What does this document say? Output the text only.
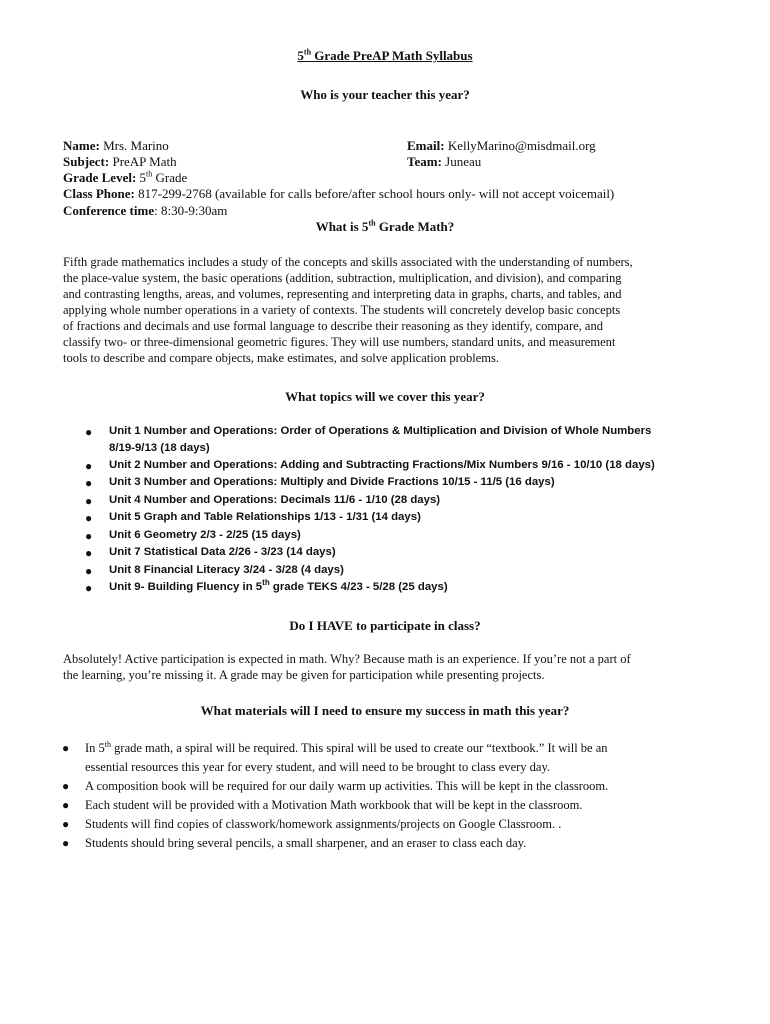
5th Grade PreAP Math Syllabus
Who is your teacher this year?
Name: Mrs. Marino	Email: KellyMarino@misdmail.org
Subject: PreAP Math	Team: Juneau
Grade Level: 5th Grade
Class Phone: 817-299-2768 (available for calls before/after school hours only- will not accept voicemail)
Conference time: 8:30-9:30am
What is 5th Grade Math?
Fifth grade mathematics includes a study of the concepts and skills associated with the understanding of numbers,
the place-value system, the basic operations (addition, subtraction, multiplication, and division), and comparing
and contrasting lengths, areas, and volumes, representing and interpreting data in graphs, charts, and tables, and
applying whole number operations in a variety of contexts. The students will concretely develop basic concepts
of fractions and decimals and use formal language to describe their reasoning as they identify, compare, and
classify two- or three-dimensional geometric figures. They will use numbers, standard units, and measurement
tools to describe and compare objects, make estimates, and solve application problems.
What topics will we cover this year?
● Unit 1 Number and Operations: Order of Operations & Multiplication and Division of Whole Numbers
8/19-9/13 (18 days)
● Unit 2 Number and Operations: Adding and Subtracting Fractions/Mix Numbers 9/16 - 10/10 (18 days)
● Unit 3 Number and Operations: Multiply and Divide Fractions 10/15 - 11/5 (16 days)
● Unit 4 Number and Operations: Decimals 11/6 - 1/10 (28 days)
● Unit 5 Graph and Table Relationships 1/13 - 1/31 (14 days)
● Unit 6 Geometry 2/3 - 2/25 (15 days)
● Unit 7 Statistical Data 2/26 - 3/23 (14 days)
● Unit 8 Financial Literacy 3/24 - 3/28 (4 days)
● Unit 9- Building Fluency in 5th grade TEKS 4/23 - 5/28 (25 days)
Do I HAVE to participate in class?
Absolutely! Active participation is expected in math. Why? Because math is an experience. If you’re not a part of
the learning, you’re missing it. A grade may be given for participation while presenting projects.
What materials will I need to ensure my success in math this year?
● In 5th grade math, a spiral will be required. This spiral will be used to create our “textbook.” It will be an
essential resources this year for every student, and will need to be brought to class every day.
● A composition book will be required for our daily warm up activities. This will be kept in the classroom.
● Each student will be provided with a Motivation Math workbook that will be kept in the classroom.
● Students will find copies of classwork/homework assignments/projects on Google Classroom. .
● Students should bring several pencils, a small sharpener, and an eraser to class each day.
